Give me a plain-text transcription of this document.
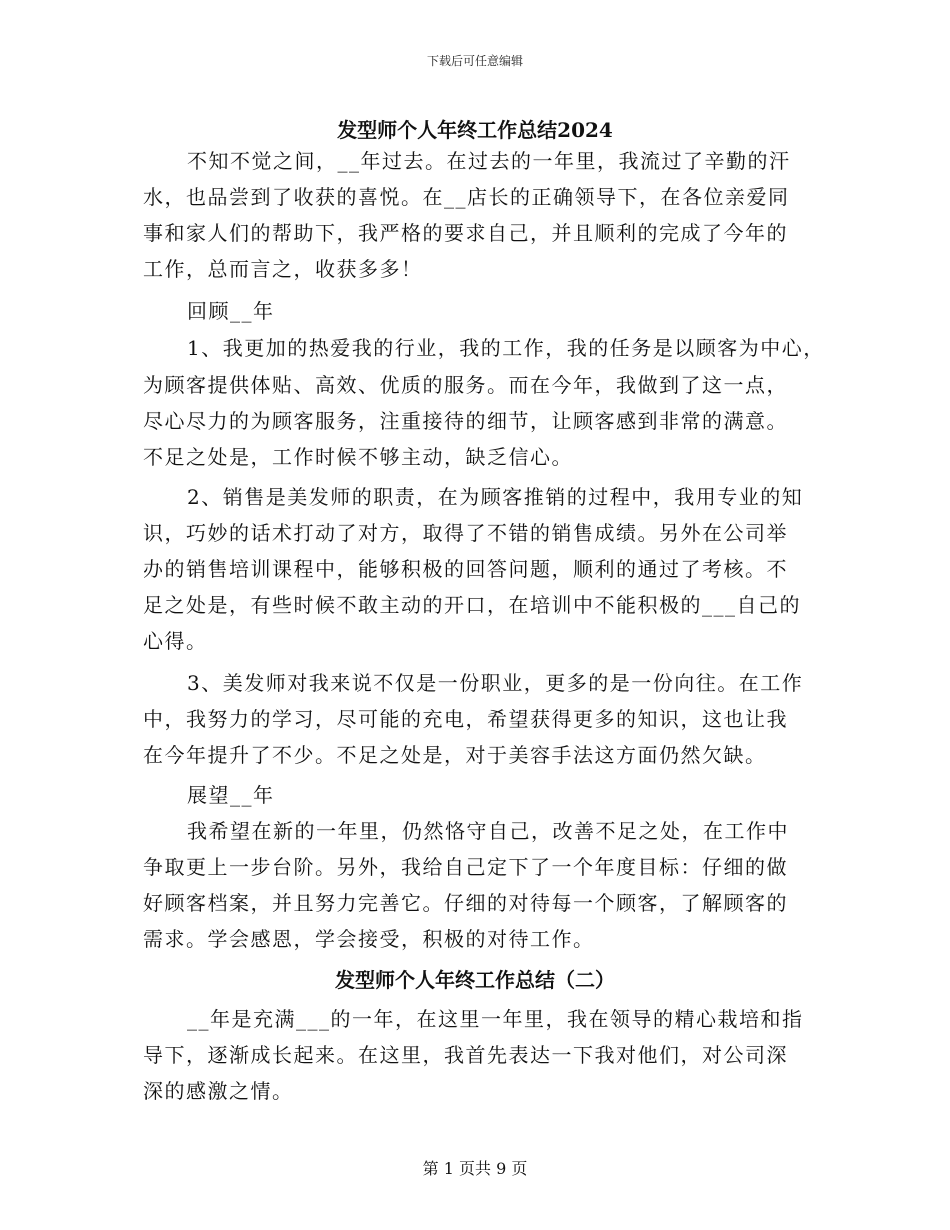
下载后可任意编辑
发型师个人年终工作总结2024
不知不觉之间，__年过去。在过去的一年里，我流过了辛勤的汗
水，也品尝到了收获的喜悦。在__店长的正确领导下，在各位亲爱同
事和家人们的帮助下，我严格的要求自己，并且顺利的完成了今年的
工作，总而言之，收获多多！
回顾__年
1、我更加的热爱我的行业，我的工作，我的任务是以顾客为中心，
为顾客提供体贴、高效、优质的服务。而在今年，我做到了这一点，
尽心尽力的为顾客服务，注重接待的细节，让顾客感到非常的满意。
不足之处是，工作时候不够主动，缺乏信心。
2、销售是美发师的职责，在为顾客推销的过程中，我用专业的知
识，巧妙的话术打动了对方，取得了不错的销售成绩。另外在公司举
办的销售培训课程中，能够积极的回答问题，顺利的通过了考核。不
足之处是，有些时候不敢主动的开口，在培训中不能积极的___自己的
心得。
3、美发师对我来说不仅是一份职业，更多的是一份向往。在工作
中，我努力的学习，尽可能的充电，希望获得更多的知识，这也让我
在今年提升了不少。不足之处是，对于美容手法这方面仍然欠缺。
展望__年
我希望在新的一年里，仍然恪守自己，改善不足之处，在工作中
争取更上一步台阶。另外，我给自己定下了一个年度目标：仔细的做
好顾客档案，并且努力完善它。仔细的对待每一个顾客，了解顾客的
需求。学会感恩，学会接受，积极的对待工作。
发型师个人年终工作总结（二）
__年是充满___的一年，在这里一年里，我在领导的精心栽培和指
导下，逐渐成长起来。在这里，我首先表达一下我对他们，对公司深
深的感激之情。
第 1 页共 9 页
